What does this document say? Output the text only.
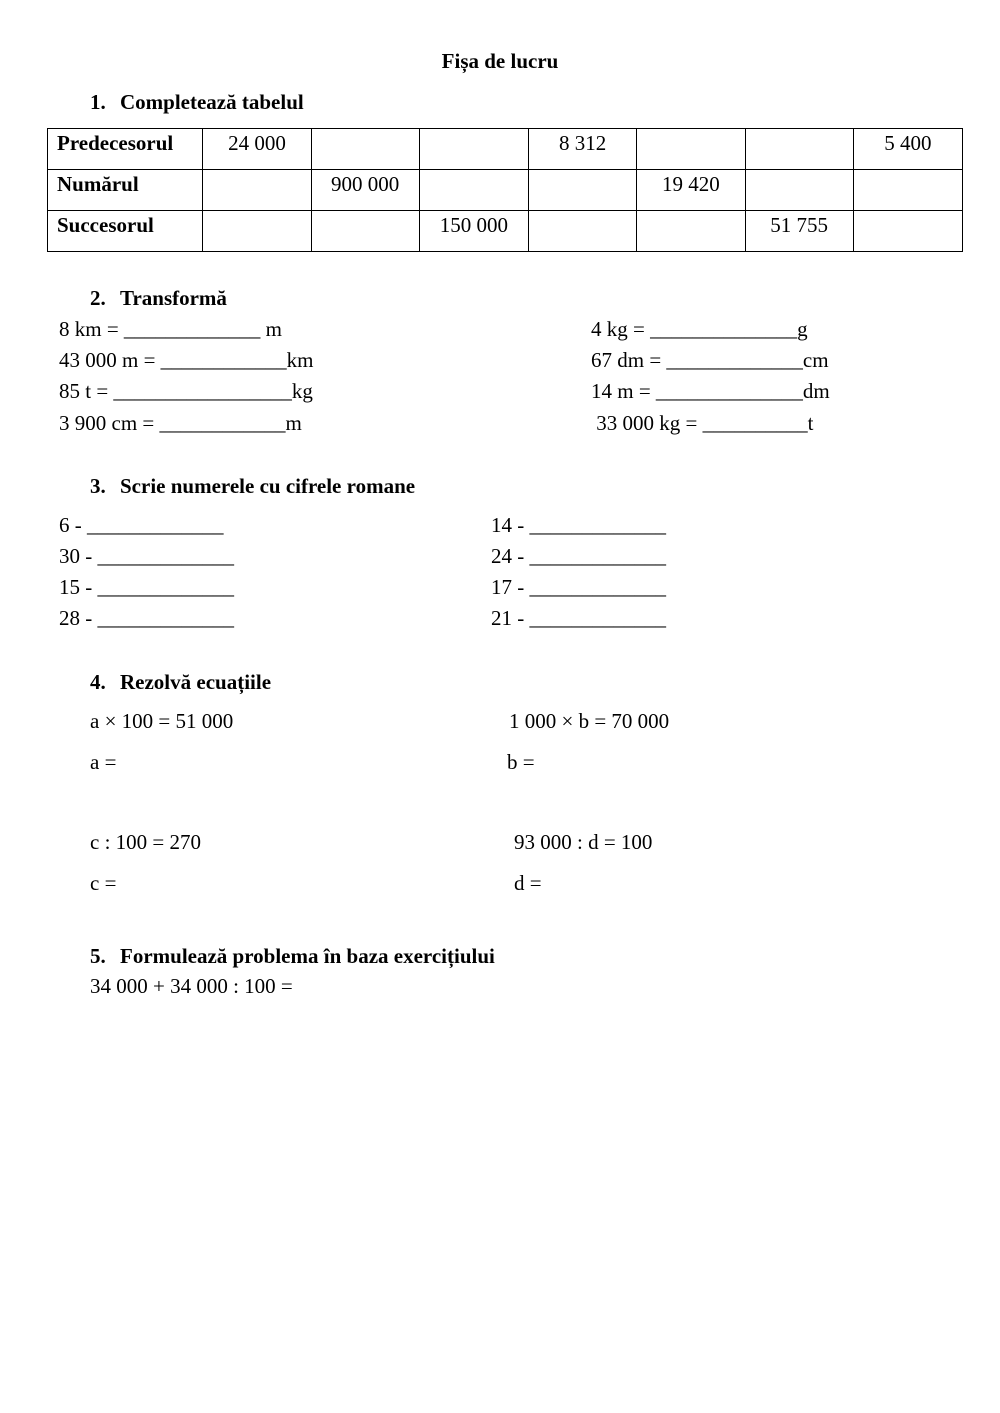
Fișa de lucru
1. Completează tabelul
Predecesorul	24 000			8 312			5 400

Numărul		900 000			19 420		

Succesorul			150 000			51 755	

2. Transformă
8 km = _____________ m
43 000 m = ____________km
85 t = _________________kg
3 900 cm = ____________m
4 kg = ______________g
67 dm = _____________cm
14 m = ______________dm
33 000 kg = __________t
3. Scrie numerele cu cifrele romane
6 - _____________
30 - _____________
15 - _____________
28 - _____________
14 - _____________
24 - _____________
17 - _____________
21 - _____________
4. Rezolvă ecuațiile
a × 100 = 51 000
a =
1 000 × b = 70 000
b =
c : 100 = 270
c =
93 000 : d = 100
d =
5. Formulează problema în baza exercițiului
34 000 + 34 000 : 100 =
